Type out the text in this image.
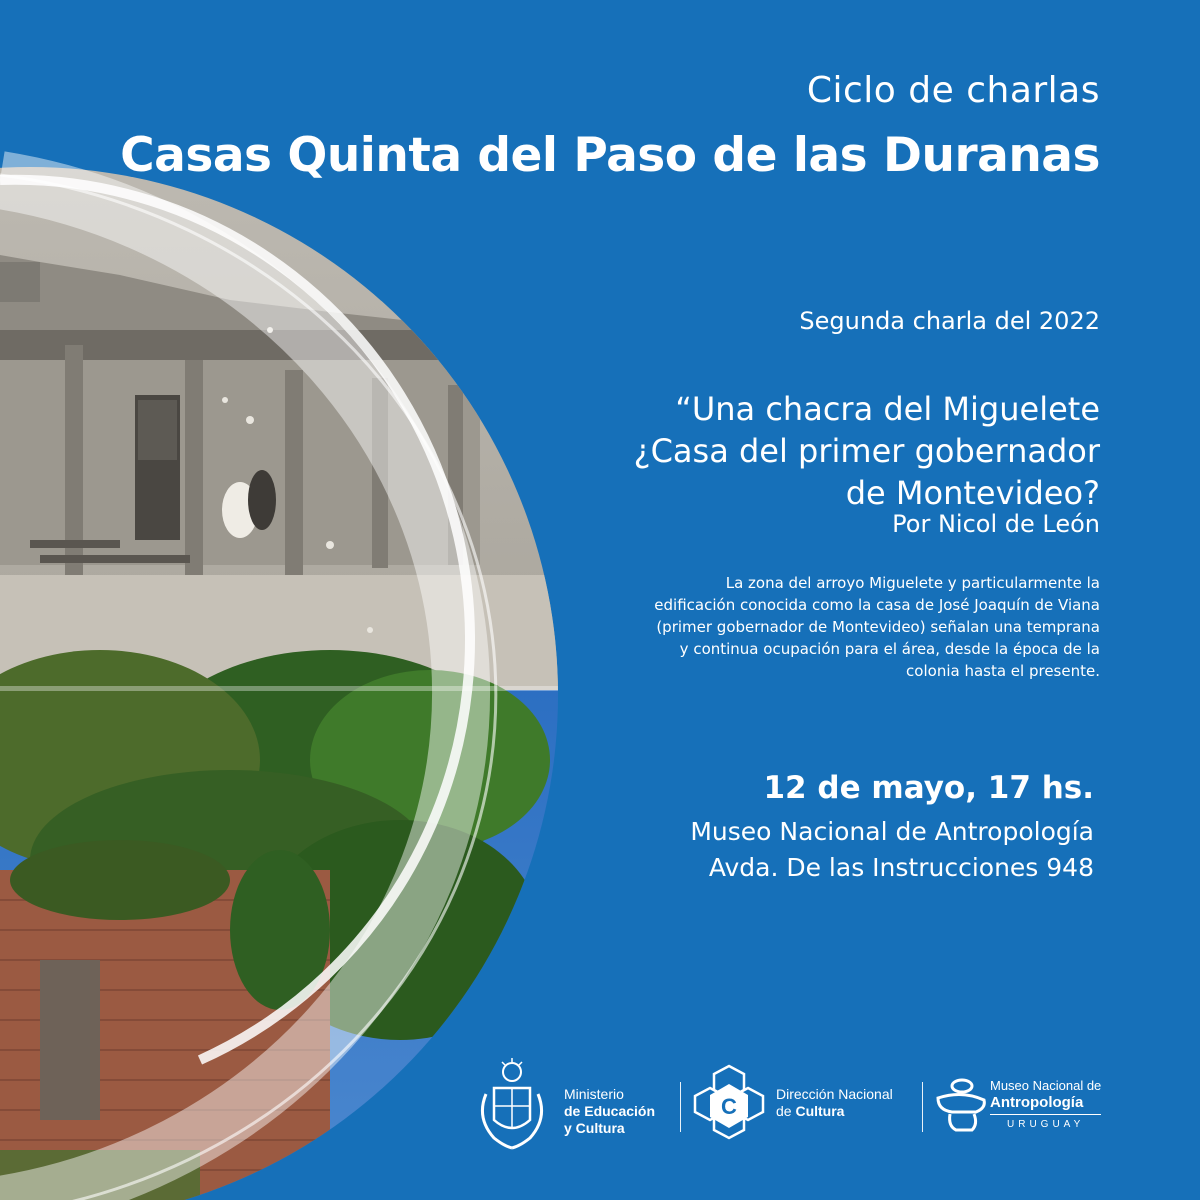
Ciclo de charlas

Casas Quinta del Paso de las Duranas

Segunda charla del 2022

“Una chacra del Miguelete
¿Casa del primer gobernador
de Montevideo?

Por Nicol de León

La zona del arroyo Miguelete y particularmente la
edificación conocida como la casa de José Joaquín de Viana
(primer gobernador de Montevideo) señalan una temprana
y continua ocupación para el área, desde la época de la
colonia hasta el presente.

12 de mayo, 17 hs.

Museo Nacional de Antropología
Avda. De las Instrucciones 948
Ministerio
de Educación
y Cultura
C	Dirección Nacional
de Cultura
Museo Nacional de
Antropología
URUGUAY
